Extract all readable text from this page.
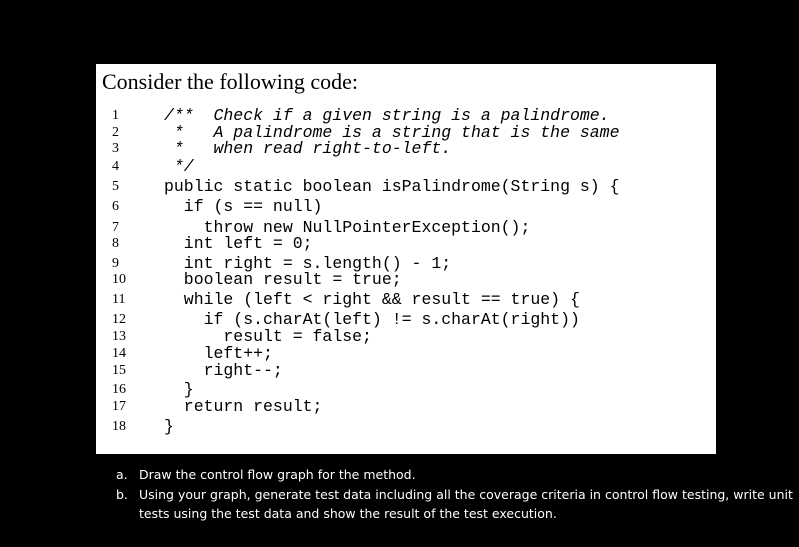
Consider the following code:
1	/**  Check if a given string is a palindrome.
2	*   A palindrome is a string that is the same
3	*   when read right-to-left.
4	*/
5	public static boolean isPalindrome(String s) {
6	if (s == null)
7	throw new NullPointerException();
8	int left = 0;
9	int right = s.length() - 1;
10	boolean result = true;
11	while (left < right && result == true) {
12	if (s.charAt(left) != s.charAt(right))
13	result = false;
14	left++;
15	right--;
16	}
17	return result;
18	}
a. Draw the control flow graph for the method.
b. Using your graph, generate test data including all the coverage criteria in control flow testing, write unit tests using the test data and show the result of the test execution.
